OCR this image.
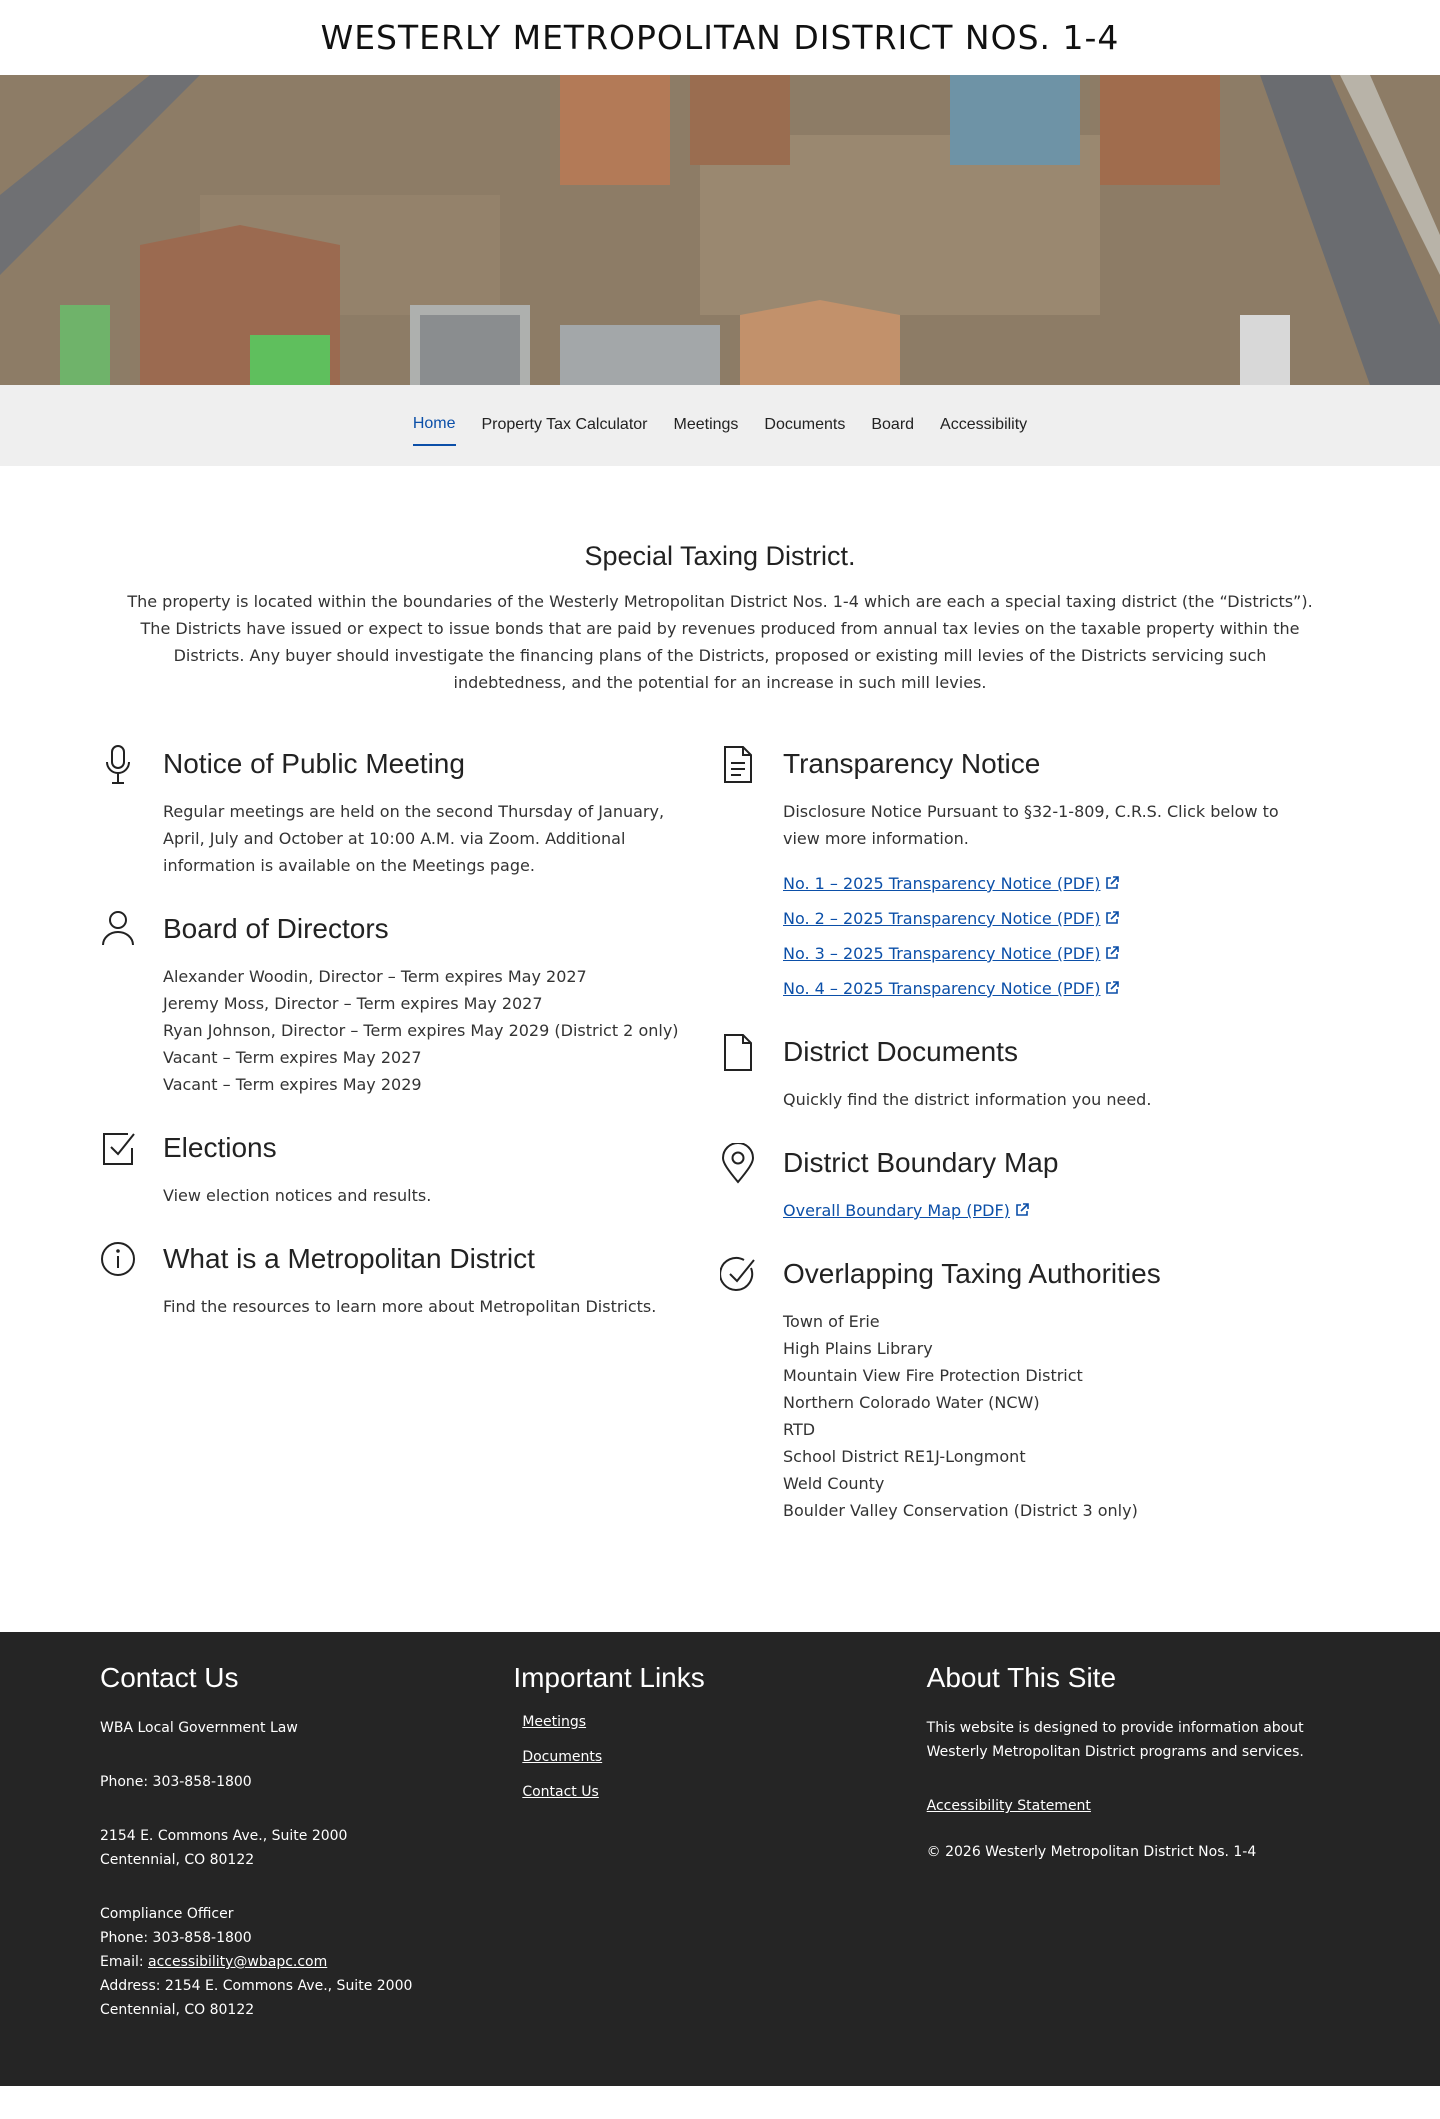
WESTERLY METROPOLITAN DISTRICT NOS. 1-4
Home Property Tax Calculator Meetings Documents Board Accessibility
Special Taxing District.

The property is located within the boundaries of the Westerly Metropolitan District Nos. 1-4 which are each a special taxing district (the “Districts”). The Districts have issued or expect to issue bonds that are paid by revenues produced from annual tax levies on the taxable property within the Districts. Any buyer should investigate the financing plans of the Districts, proposed or existing mill levies of the Districts servicing such indebtedness, and the potential for an increase in such mill levies.

Notice of Public Meeting

Regular meetings are held on the second Thursday of January, April, July and October at 10:00 A.M. via Zoom. Additional information is available on the Meetings page.

Board of Directors
Alexander Woodin, Director – Term expires May 2027
Jeremy Moss, Director – Term expires May 2027
Ryan Johnson, Director – Term expires May 2029 (District 2 only)
Vacant – Term expires May 2027
Vacant – Term expires May 2029
Elections

View election notices and results.

What is a Metropolitan District

Find the resources to learn more about Metropolitan Districts.

Transparency Notice

Disclosure Notice Pursuant to §32-1-809, C.R.S. Click below to view more information.

No. 1 – 2025 Transparency Notice (PDF)
No. 2 – 2025 Transparency Notice (PDF)
No. 3 – 2025 Transparency Notice (PDF)
No. 4 – 2025 Transparency Notice (PDF)
District Documents

Quickly find the district information you need.

District Boundary Map

Overall Boundary Map (PDF)

Overlapping Taxing Authorities
Town of Erie
High Plains Library
Mountain View Fire Protection District
Northern Colorado Water (NCW)
RTD
School District RE1J-Longmont
Weld County
Boulder Valley Conservation (District 3 only)
Contact Us

WBA Local Government Law

Phone: 303-858-1800

2154 E. Commons Ave., Suite 2000

Centennial, CO 80122

Compliance Officer

Phone: 303-858-1800

Email: accessibility@wbapc.com

Address: 2154 E. Commons Ave., Suite 2000

Centennial, CO 80122

Important Links
Meetings
Documents
Contact Us
About This Site

This website is designed to provide information about Westerly Metropolitan District programs and services.

Accessibility Statement

© 2026 Westerly Metropolitan District Nos. 1-4
